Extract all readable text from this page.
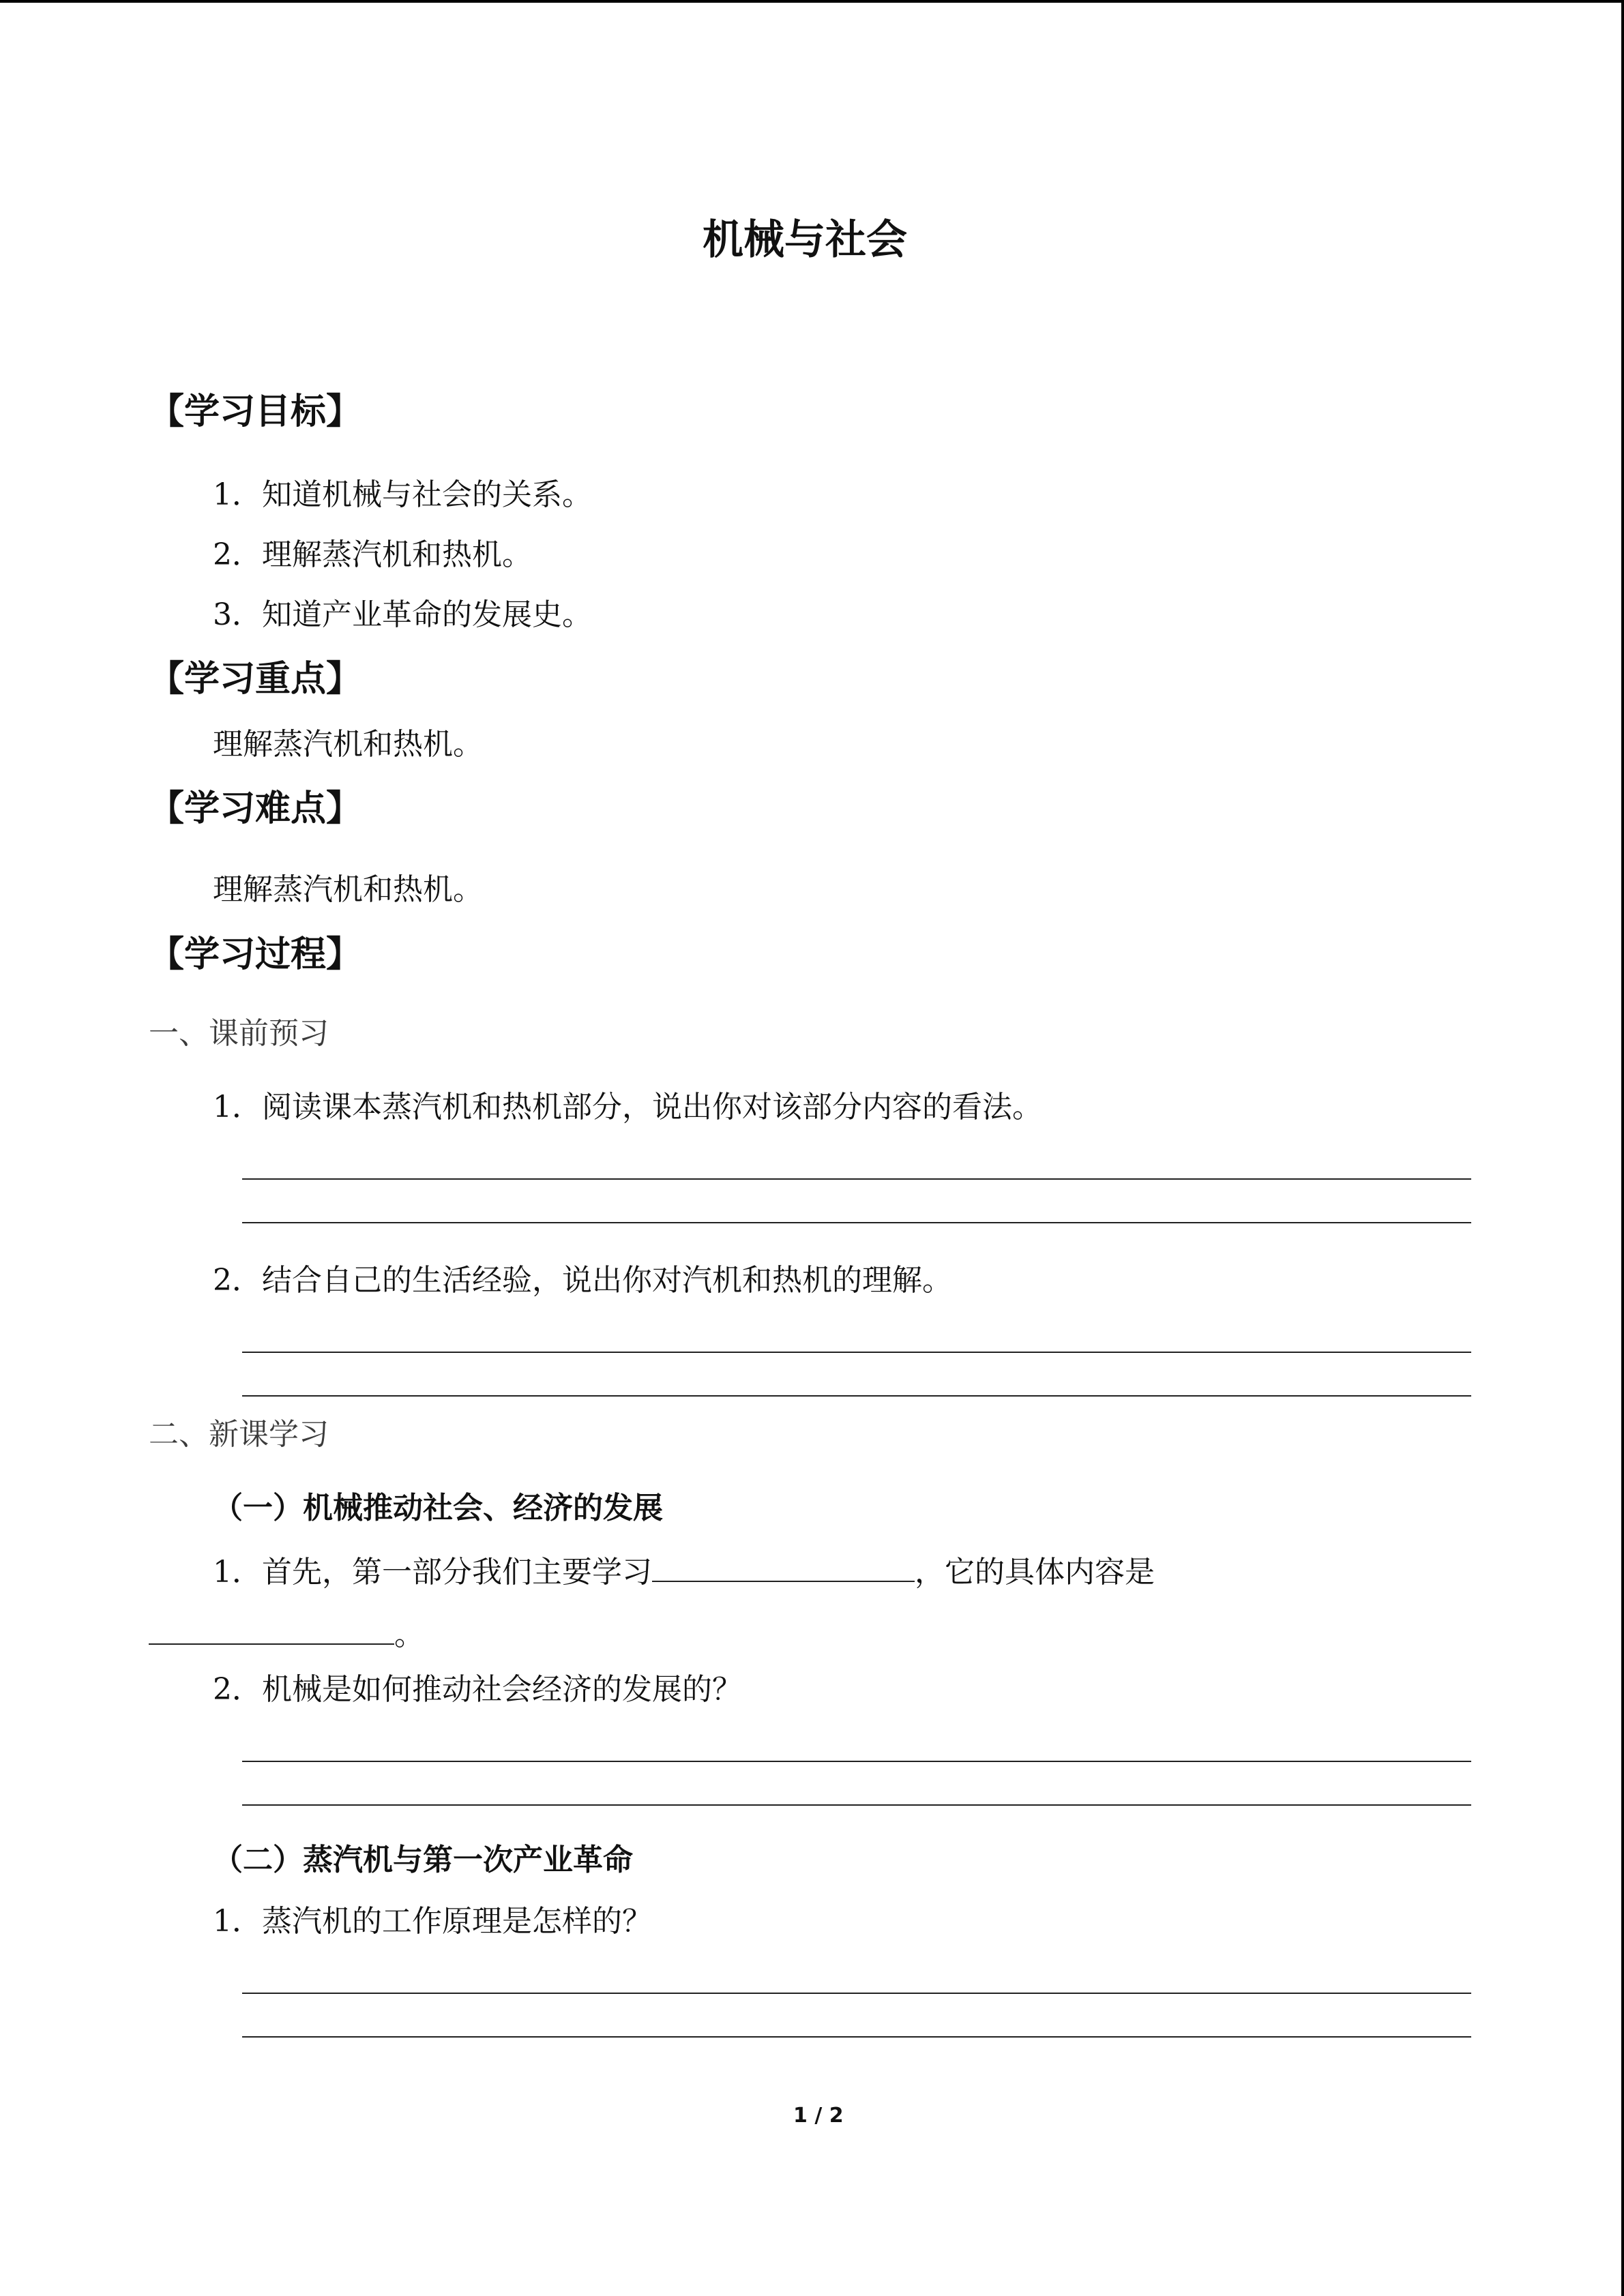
机械与社会
【学习目标】
1．知道机械与社会的关系。
2．理解蒸汽机和热机。
3．知道产业革命的发展史。
【学习重点】
理解蒸汽机和热机。
【学习难点】
理解蒸汽机和热机。
【学习过程】
一、课前预习
1．阅读课本蒸汽机和热机部分，说出你对该部分内容的看法。
2．结合自己的生活经验，说出你对汽机和热机的理解。
二、新课学习
（一）机械推动社会、经济的发展
1．首先，第一部分我们主要学习	，它的具体内容是
。
2．机械是如何推动社会经济的发展的？
（二）蒸汽机与第一次产业革命
1．蒸汽机的工作原理是怎样的？
1 / 2
